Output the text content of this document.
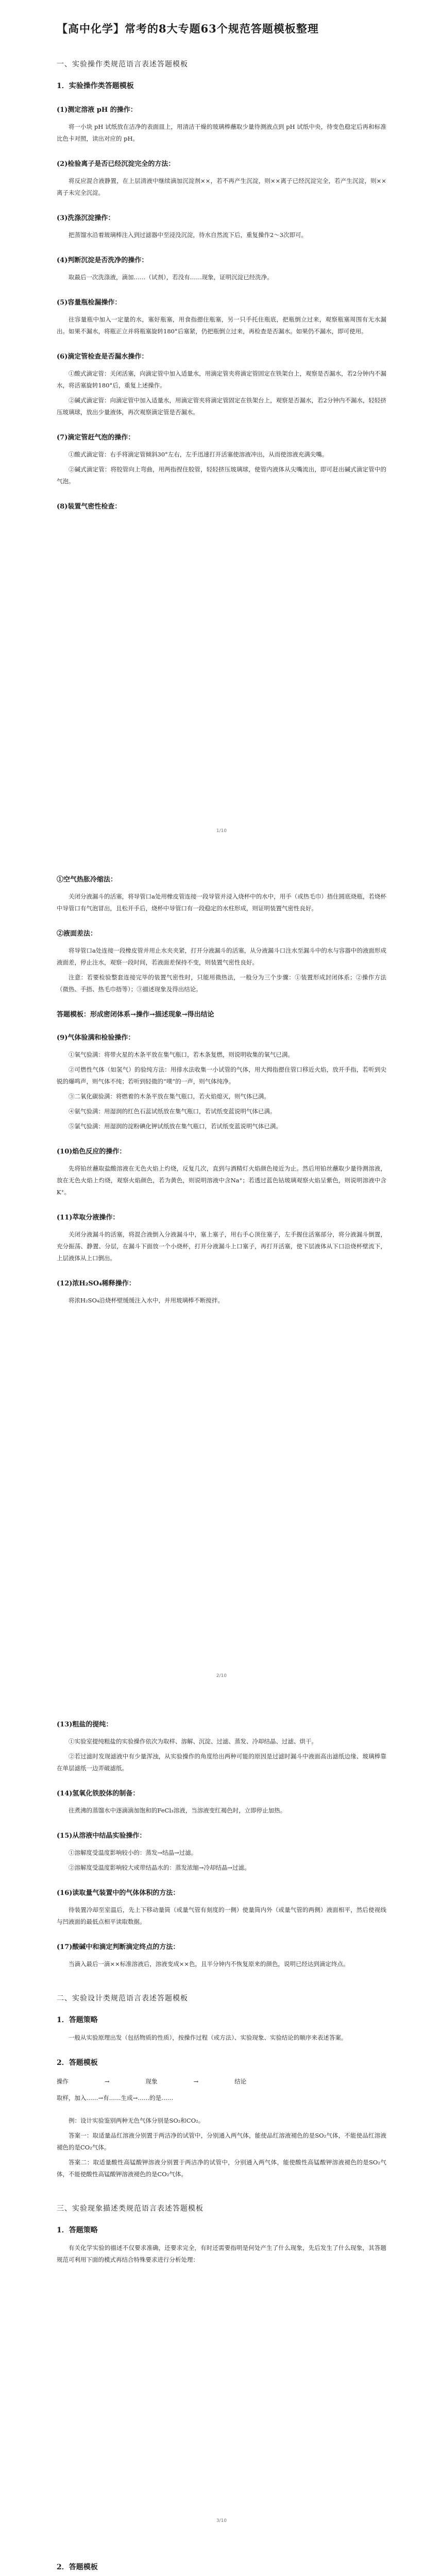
【高中化学】常考的8大专题63个规范答题模板整理
一、实验操作类规范语言表述答题模板
1．实验操作类答题模板
(1)测定溶液 pH 的操作：

将一小块 pH 试纸放在洁净的表面皿上，用清洁干燥的玻璃棒蘸取少量待测液点到 pH 试纸中央，待变色稳定后再和标准比色卡对照，读出对应的 pH。

(2)检验离子是否已经沉淀完全的方法：

将反应混合液静置，在上层清液中继续滴加沉淀剂××，若不再产生沉淀，则××离子已经沉淀完全，若产生沉淀，则××离子未完全沉淀。

(3)洗涤沉淀操作：

把蒸馏水沿着玻璃棒注入到过滤器中至浸没沉淀，待水自然流下后，重复操作2～3次即可。

(4)判断沉淀是否洗净的操作：

取最后一次洗涤液，滴加……（试剂），若没有……现象，证明沉淀已经洗净。

(5)容量瓶检漏操作：

往容量瓶中加入一定量的水，塞好瓶塞，用食指摁住瓶塞，另一只手托住瓶底，把瓶倒立过来，观察瓶塞周围有无水漏出。如果不漏水，将瓶正立并将瓶塞旋转180°后塞紧，仍把瓶倒立过来，再检查是否漏水。如果仍不漏水，即可使用。

(6)滴定管检查是否漏水操作：

①酸式滴定管：关闭活塞，向滴定管中加入适量水，用滴定管夹将滴定管固定在铁架台上，观察是否漏水，若2分钟内不漏水，将活塞旋转180°后，重复上述操作。

②碱式滴定管：向滴定管中加入适量水，用滴定管夹将滴定管固定在铁架台上，观察是否漏水，若2分钟内不漏水，轻轻挤压玻璃球，放出少量液体，再次观察滴定管是否漏水。

(7)滴定管赶气泡的操作：

①酸式滴定管：右手将滴定管倾斜30°左右，左手迅速打开活塞使溶液冲出，从而使溶液充满尖嘴。

②碱式滴定管：将胶管向上弯曲，用两指捏住胶管，轻轻挤压玻璃球，使管内液体从尖嘴流出，即可赶出碱式滴定管中的气泡。

(8)装置气密性检查：
1/10
①空气热胀冷缩法：

关闭分液漏斗的活塞，将导管口a处用橡皮管连接一段导管并浸入烧杯中的水中，用手（或热毛巾）捂住圆底烧瓶，若烧杯中导管口有气泡冒出，且松开手后，烧杯中导管口有一段稳定的水柱形成，则证明装置气密性良好。

②液面差法：

将导管口a处连接一段橡皮管并用止水夹夹紧，打开分液漏斗的活塞，从分液漏斗口注水至漏斗中的水与容器中的液面形成液面差，停止注水，观察一段时间，若液面差保持不变，则装置气密性良好。

注意：若要检验整套连接完毕的装置气密性时，只能用微热法，一般分为三个步骤：①装置形成封闭体系；②操作方法（微热、手捂、热毛巾捂等）；③描述现象及得出结论。

答题模板：形成密闭体系→操作→描述现象→得出结论
(9)气体验满和检验操作：

①氧气验满：将带火星的木条平放在集气瓶口，若木条复燃，则说明收集的氧气已满。

②可燃性气体（如氢气）的验纯方法：用排水法收集一小试管的气体，用大拇指摁住管口移近火焰，放开手指，若听到尖锐的爆鸣声，则气体不纯；若听到轻微的“噗”的一声，则气体纯净。

③二氧化碳验满：将燃着的木条平放在集气瓶口，若火焰熄灭，则气体已满。

④氨气验满：用湿润的红色石蕊试纸放在集气瓶口，若试纸变蓝说明气体已满。

⑤氯气验满：用湿润的淀粉碘化钾试纸放在集气瓶口，若试纸变蓝说明气体已满。

(10)焰色反应的操作：

先将铂丝蘸取盐酸溶液在无色火焰上灼烧，反复几次，直到与酒精灯火焰颜色接近为止。然后用铂丝蘸取少量待测溶液，放在无色火焰上灼烧，观察火焰颜色，若为黄色，则说明溶液中含Na⁺；若透过蓝色钴玻璃观察火焰呈紫色，则说明溶液中含K⁺。

(11)萃取分液操作：

关闭分液漏斗的活塞，将混合液倒入分液漏斗中，塞上塞子，用右手心顶住塞子，左手握住活塞部分，将分液漏斗倒置，充分振荡、静置、分层，在漏斗下面放一个小烧杯，打开分液漏斗上口塞子，再打开活塞，使下层液体从下口沿烧杯壁流下，上层液体从上口倒出。

(12)浓H₂SO₄稀释操作：

将浓H₂SO₄沿烧杯壁缓缓注入水中，并用玻璃棒不断搅拌。

2/10
(13)粗盐的提纯：

①实验室提纯粗盐的实验操作依次为取样、溶解、沉淀、过滤、蒸发、冷却结晶、过滤、烘干。

②若过滤时发现滤液中有少量浑浊，从实验操作的角度给出两种可能的原因是过滤时漏斗中液面高出滤纸边缘、玻璃棒靠在单层滤纸一边弄破滤纸。

(14)氢氧化铁胶体的制备：

往煮沸的蒸馏水中逐滴滴加饱和的FeCl₃溶液，当溶液变红褐色时，立即停止加热。

(15)从溶液中结晶实验操作：

①溶解度受温度影响较小的：蒸发→结晶→过滤。

②溶解度受温度影响较大或带结晶水的：蒸发浓缩→冷却结晶→过滤。

(16)读取量气装置中的气体体积的方法：

待装置冷却至室温后，先上下移动量筒（或量气管有刻度的一侧）使量筒内外（或量气管的两侧）液面相平，然后使视线与凹液面的最低点相平读取数据。

(17)酸碱中和滴定判断滴定终点的方法：

当滴入最后一滴××标准溶液后，溶液变成××色，且半分钟内不恢复原来的颜色，说明已经达到滴定终点。

二、实验设计类规范语言表述答题模板
1．答题策略

一般从实验原理出发（包括物质的性质），按操作过程（或方法）、实验现象、实验结论的顺序来表述答案。

2．答题模板
操作	→	现象	→	结论
取样，加入……→有……生成→……的是……

例：设计实验鉴别两种无色气体分别是SO₂和CO₂。

答案一：取适量品红溶液分别置于两洁净的试管中，分别通入两气体，能使品红溶液褪色的是SO₂气体，不能使品红溶液褪色的是CO₂气体。

答案二：取适量酸性高锰酸钾溶液分别置于两洁净的试管中，分别通入两气体，能使酸性高锰酸钾溶液褪色的是SO₂气体，不能使酸性高锰酸钾溶液褪色的是CO₂气体。

三、实验现象描述类规范语言表述答题模板
1．答题策略

有关化学实验的描述不仅要求准确，还要求完全，有时还需要指明是何处产生了什么现象，先后发生了什么现象，其答题规范可利用下面的模式再结合特殊要求进行分析处理：

3/10
2．答题模板
